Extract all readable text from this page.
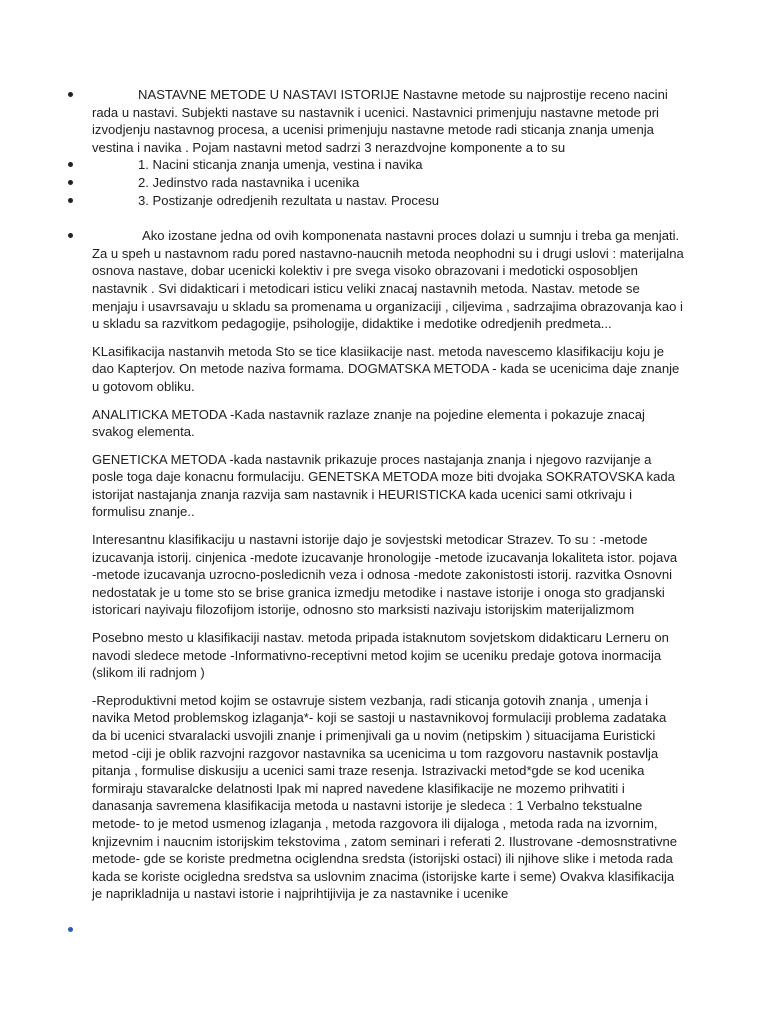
NASTAVNE METODE U NASTAVI ISTORIJE Nastavne metode su najprostije receno nacini rada u nastavi. Subjekti nastave su nastavnik i ucenici. Nastavnici primenjuju nastavne metode pri izvodjenju nastavnog procesa, a ucenisi primenjuju nastavne metode radi sticanja znanja umenja vestina i navika . Pojam nastavni metod sadrzi 3 nerazdvojne komponente a to su

1. Nacini sticanja znanja umenja, vestina i navika

2. Jedinstvo rada nastavnika i ucenika

3. Postizanje odredjenih rezultata u nastav. Procesu

Ako izostane jedna od ovih komponenata nastavni proces dolazi u sumnju i treba ga menjati. Za u speh u nastavnom radu pored nastavno-naucnih metoda neophodni su i drugi uslovi : materijalna osnova nastave, dobar ucenicki kolektiv i pre svega visoko obrazovani i medoticki osposobljen nastavnik . Svi didakticari i metodicari isticu veliki znacaj nastavnih metoda. Nastav. metode se menjaju i usavrsavaju u skladu sa promenama u organizaciji , ciljevima , sadrzajima obrazovanja kao i u skladu sa razvitkom pedagogije, psihologije, didaktike i medotike odredjenih predmeta...

KLasifikacija nastanvih metoda Sto se tice klasiikacije nast. metoda navescemo klasifikaciju koju je dao Kapterjov. On metode naziva formama. DOGMATSKA METODA - kada se ucenicima daje znanje u gotovom obliku.

ANALITICKA METODA -Kada nastavnik razlaze znanje na pojedine elementa i pokazuje znacaj svakog elementa.

GENETICKA METODA -kada nastavnik prikazuje proces nastajanja znanja i njegovo razvijanje a posle toga daje konacnu formulaciju. GENETSKA METODA moze biti dvojaka SOKRATOVSKA kada istorijat nastajanja znanja razvija sam nastavnik i HEURISTICKA kada ucenici sami otkrivaju i formulisu znanje..

Interesantnu klasifikaciju u nastavni istorije dajo je sovjestski metodicar Strazev. To su : -metode izucavanja istorij. cinjenica -medote izucavanje hronologije -metode izucavanja lokaliteta istor. pojava -metode izucavanja uzrocno-posledicnih veza i odnosa -medote zakonistosti istorij. razvitka Osnovni nedostatak je u tome sto se brise granica izmedju metodike i nastave istorije i onoga sto gradjanski istoricari nayivaju filozofijom istorije, odnosno sto marksisti nazivaju istorijskim materijalizmom

Posebno mesto u klasifikaciji nastav. metoda pripada istaknutom sovjetskom didakticaru Lerneru on navodi sledece metode -Informativno-receptivni metod kojim se uceniku predaje gotova inormacija (slikom ili radnjom )

-Reproduktivni metod kojim se ostavruje sistem vezbanja, radi sticanja gotovih znanja , umenja i navika Metod problemskog izlaganja*- koji se sastoji u nastavnikovoj formulaciji problema zadataka da bi ucenici stvaralacki usvojili znanje i primenjivali ga u novim (netipskim ) situacijama Euristicki metod -ciji je oblik razvojni razgovor nastavnika sa ucenicima u tom razgovoru nastavnik postavlja pitanja , formulise diskusiju a ucenici sami traze resenja. Istrazivacki metod*gde se kod ucenika formiraju stavaralcke delatnosti Ipak mi napred navedene klasifikacije ne mozemo prihvatiti i danasanja savremena klasifikacija metoda u nastavni istorije je sledeca : 1 Verbalno tekstualne metode- to je metod usmenog izlaganja , metoda razgovora ili dijaloga , metoda rada na izvornim, knjizevnim i naucnim istorijskim tekstovima , zatom seminari i referati 2. Ilustrovane -demosnstrativne metode- gde se koriste predmetna ociglendna sredsta (istorijski ostaci) ili njihove slike i metoda rada kada se koriste ocigledna sredstva sa uslovnim znacima (istorijske karte i seme) Ovakva klasifikacija je naprikladnija u nastavi istorie i najprihtijivija je za nastavnike i ucenike
